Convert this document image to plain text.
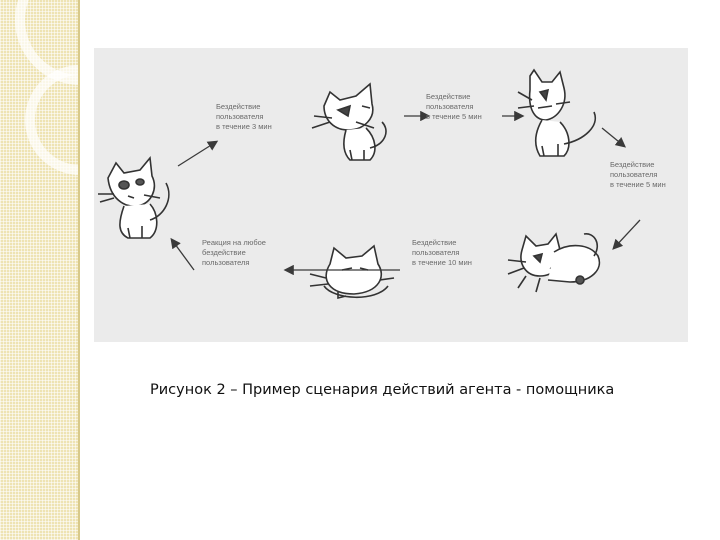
Бездействие
пользователя
в течение 3 мин
Бездействие
пользователя
в течение 5 мин
Бездействие
пользователя
в течение 5 мин
Бездействие
пользователя
в течение 10 мин
Реакция на любое
бездействие
пользователя
Рисунок 2 – Пример сценария действий агента - помощника
